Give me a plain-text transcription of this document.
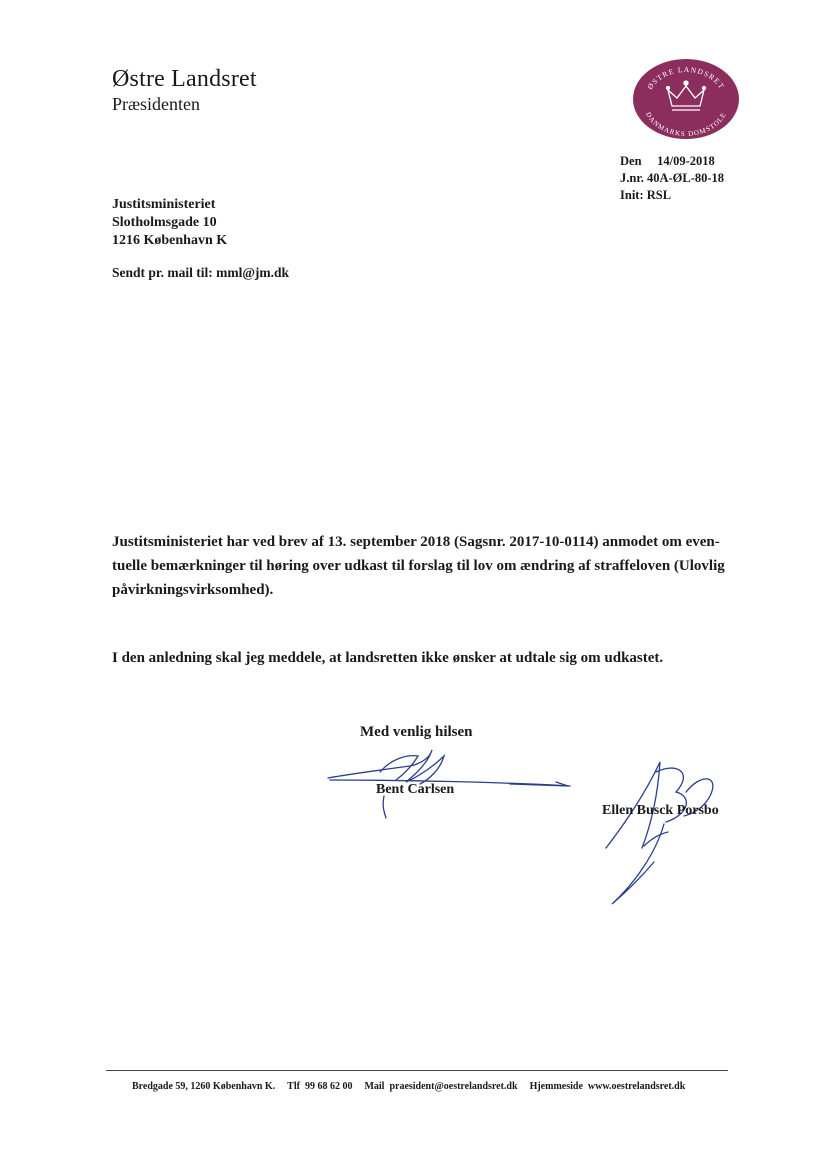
Østre Landsret
Præsidenten
ØSTRE LANDSRET
DANMARKS DOMSTOLE
Den 14/09-2018
J.nr. 40A-ØL-80-18
Init: RSL
Justitsministeriet
Slotholmsgade 10
1216 København K
Sendt pr. mail til: mml@jm.dk
Justitsministeriet har ved brev af 13. september 2018 (Sagsnr. 2017-10-0114) anmodet om even-
tuelle bemærkninger til høring over udkast til forslag til lov om ændring af straffeloven (Ulovlig
påvirkningsvirksomhed).
I den anledning skal jeg meddele, at landsretten ikke ønsker at udtale sig om udkastet.
Med venlig hilsen
Bent Carlsen
Ellen Busck Porsbo
Bredgade 59, 1260 København K. Tlf  99 68 62 00 Mail  praesident@oestrelandsret.dk Hjemmeside  www.oestrelandsret.dk
